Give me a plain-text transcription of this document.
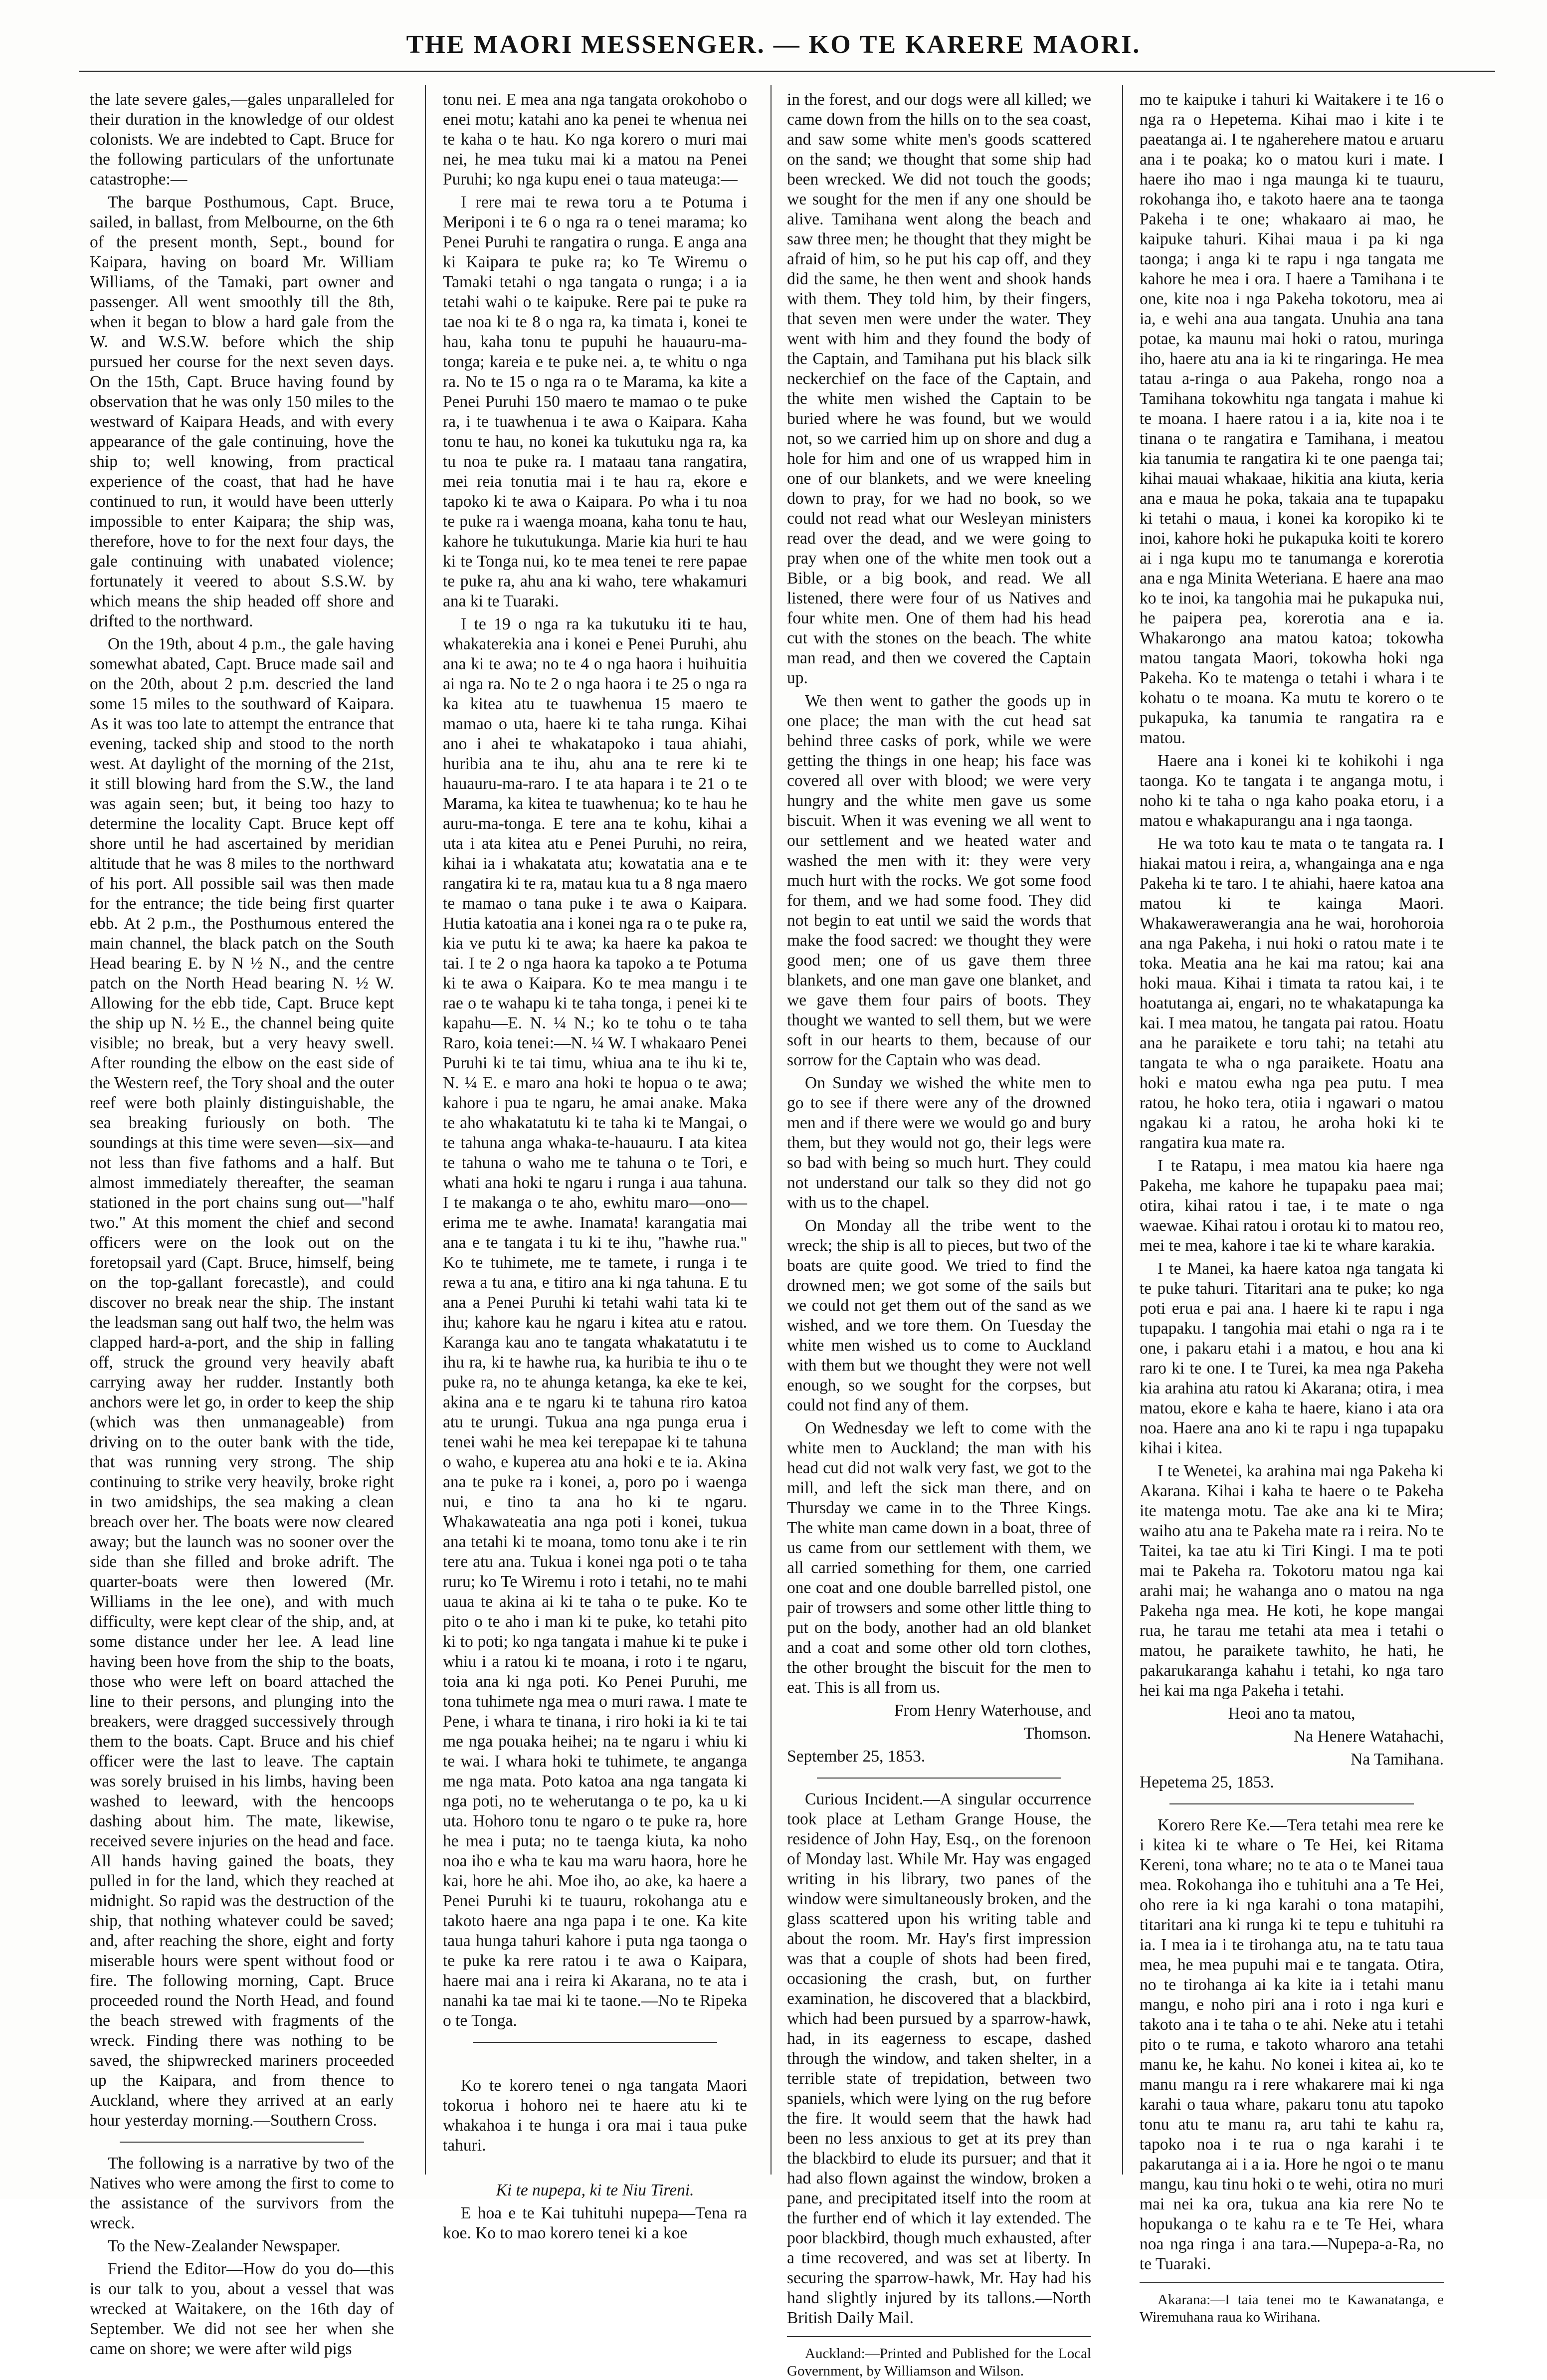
THE MAORI MESSENGER. — KO TE KARERE MAORI.

the late severe gales,—gales unparalleled for their duration in the knowledge of our oldest colonists. We are indebted to Capt. Bruce for the following particulars of the unfortunate catastrophe:—

The barque Posthumous, Capt. Bruce, sailed, in ballast, from Melbourne, on the 6th of the present month, Sept., bound for Kaipara, having on board Mr. William Williams, of the Tamaki, part owner and passenger. All went smoothly till the 8th, when it began to blow a hard gale from the W. and W.S.W. before which the ship pursued her course for the next seven days. On the 15th, Capt. Bruce having found by observation that he was only 150 miles to the westward of Kaipara Heads, and with every appearance of the gale continuing, hove the ship to; well knowing, from practical experience of the coast, that had he have continued to run, it would have been utterly impossible to enter Kaipara; the ship was, therefore, hove to for the next four days, the gale continuing with unabated violence; fortunately it veered to about S.S.W. by which means the ship headed off shore and drifted to the northward.

On the 19th, about 4 p.m., the gale having somewhat abated, Capt. Bruce made sail and on the 20th, about 2 p.m. descried the land some 15 miles to the southward of Kaipara. As it was too late to attempt the entrance that evening, tacked ship and stood to the north west. At daylight of the morning of the 21st, it still blowing hard from the S.W., the land was again seen; but, it being too hazy to determine the locality Capt. Bruce kept off shore until he had ascertained by meridian altitude that he was 8 miles to the northward of his port. All possible sail was then made for the entrance; the tide being first quarter ebb. At 2 p.m., the Posthumous entered the main channel, the black patch on the South Head bearing E. by N ½ N., and the centre patch on the North Head bearing N. ½ W. Allowing for the ebb tide, Capt. Bruce kept the ship up N. ½ E., the channel being quite visible; no break, but a very heavy swell. After rounding the elbow on the east side of the Western reef, the Tory shoal and the outer reef were both plainly distinguishable, the sea breaking furiously on both. The soundings at this time were seven—six—and not less than five fathoms and a half. But almost immediately thereafter, the seaman stationed in the port chains sung out—"half two." At this moment the chief and second officers were on the look out on the foretopsail yard (Capt. Bruce, himself, being on the top-gallant forecastle), and could discover no break near the ship. The instant the leadsman sang out half two, the helm was clapped hard-a-port, and the ship in falling off, struck the ground very heavily abaft carrying away her rudder. Instantly both anchors were let go, in order to keep the ship (which was then unmanageable) from driving on to the outer bank with the tide, that was running very strong. The ship continuing to strike very heavily, broke right in two amidships, the sea making a clean breach over her. The boats were now cleared away; but the launch was no sooner over the side than she filled and broke adrift. The quarter-boats were then lowered (Mr. Williams in the lee one), and with much difficulty, were kept clear of the ship, and, at some distance under her lee. A lead line having been hove from the ship to the boats, those who were left on board attached the line to their persons, and plunging into the breakers, were dragged successively through them to the boats. Capt. Bruce and his chief officer were the last to leave. The captain was sorely bruised in his limbs, having been washed to leeward, with the hencoops dashing about him. The mate, likewise, received severe injuries on the head and face. All hands having gained the boats, they pulled in for the land, which they reached at midnight. So rapid was the destruction of the ship, that nothing whatever could be saved; and, after reaching the shore, eight and forty miserable hours were spent without food or fire. The following morning, Capt. Bruce proceeded round the North Head, and found the beach strewed with fragments of the wreck. Finding there was nothing to be saved, the shipwrecked mariners proceeded up the Kaipara, and from thence to Auckland, where they arrived at an early hour yesterday morning.—Southern Cross.

The following is a narrative by two of the Natives who were among the first to come to the assistance of the survivors from the wreck.

To the New-Zealander Newspaper.

Friend the Editor—How do you do—this is our talk to you, about a vessel that was wrecked at Waitakere, on the 16th day of September. We did not see her when she came on shore; we were after wild pigs

tonu nei. E mea ana nga tangata orokohobo o enei motu; katahi ano ka penei te whenua nei te kaha o te hau. Ko nga korero o muri mai nei, he mea tuku mai ki a matou na Penei Puruhi; ko nga kupu enei o taua mateuga:—

I rere mai te rewa toru a te Potuma i Meriponi i te 6 o nga ra o tenei marama; ko Penei Puruhi te rangatira o runga. E anga ana ki Kaipara te puke ra; ko Te Wiremu o Tamaki tetahi o nga tangata o runga; i a ia tetahi wahi o te kaipuke. Rere pai te puke ra tae noa ki te 8 o nga ra, ka timata i, konei te hau, kaha tonu te pupuhi he hauauru-ma-tonga; kareia e te puke nei. a, te whitu o nga ra. No te 15 o nga ra o te Marama, ka kite a Penei Puruhi 150 maero te mamao o te puke ra, i te tuawhenua i te awa o Kaipara. Kaha tonu te hau, no konei ka tukutuku nga ra, ka tu noa te puke ra. I mataau tana rangatira, mei reia tonutia mai i te hau ra, ekore e tapoko ki te awa o Kaipara. Po wha i tu noa te puke ra i waenga moana, kaha tonu te hau, kahore he tukutukunga. Marie kia huri te hau ki te Tonga nui, ko te mea tenei te rere papae te puke ra, ahu ana ki waho, tere whakamuri ana ki te Tuaraki.

I te 19 o nga ra ka tukutuku iti te hau, whakaterekia ana i konei e Penei Puruhi, ahu ana ki te awa; no te 4 o nga haora i huihuitia ai nga ra. No te 2 o nga haora i te 25 o nga ra ka kitea atu te tuawhenua 15 maero te mamao o uta, haere ki te taha runga. Kihai ano i ahei te whakatapoko i taua ahiahi, huribia ana te ihu, ahu ana te rere ki te hauauru-ma-raro. I te ata hapara i te 21 o te Marama, ka kitea te tuawhenua; ko te hau he auru-ma-tonga. E tere ana te kohu, kihai a uta i ata kitea atu e Penei Puruhi, no reira, kihai ia i whakatata atu; kowatatia ana e te rangatira ki te ra, matau kua tu a 8 nga maero te mamao o tana puke i te awa o Kaipara. Hutia katoatia ana i konei nga ra o te puke ra, kia ve putu ki te awa; ka haere ka pakoa te tai. I te 2 o nga haora ka tapoko a te Potuma ki te awa o Kaipara. Ko te mea mangu i te rae o te wahapu ki te taha tonga, i penei ki te kapahu—E. N. ¼ N.; ko te tohu o te taha Raro, koia tenei:—N. ¼ W. I whakaaro Penei Puruhi ki te tai timu, whiua ana te ihu ki te, N. ¼ E. e maro ana hoki te hopua o te awa; kahore i pua te ngaru, he amai anake. Maka te aho whakatatutu ki te taha ki te Mangai, o te tahuna anga whaka-te-hauauru. I ata kitea te tahuna o waho me te tahuna o te Tori, e whati ana hoki te ngaru i runga i aua tahuna. I te makanga o te aho, ewhitu maro—ono—erima me te awhe. Inamata! karangatia mai ana e te tangata i tu ki te ihu, "hawhe rua." Ko te tuhimete, me te tamete, i runga i te rewa a tu ana, e titiro ana ki nga tahuna. E tu ana a Penei Puruhi ki tetahi wahi tata ki te ihu; kahore kau he ngaru i kitea atu e ratou. Karanga kau ano te tangata whakatatutu i te ihu ra, ki te hawhe rua, ka huribia te ihu o te puke ra, no te ahunga ketanga, ka eke te kei, akina ana e te ngaru ki te tahuna riro katoa atu te urungi. Tukua ana nga punga erua i tenei wahi he mea kei terepapae ki te tahuna o waho, e kuperea atu ana hoki e te ia. Akina ana te puke ra i konei, a, poro po i waenga nui, e tino ta ana ho ki te ngaru. Whakawateatia ana nga poti i konei, tukua ana tetahi ki te moana, tomo tonu ake i te rin tere atu ana. Tukua i konei nga poti o te taha ruru; ko Te Wiremu i roto i tetahi, no te mahi uaua te akina ai ki te taha o te puke. Ko te pito o te aho i man ki te puke, ko tetahi pito ki to poti; ko nga tangata i mahue ki te puke i whiu i a ratou ki te moana, i roto i te ngaru, toia ana ki nga poti. Ko Penei Puruhi, me tona tuhimete nga mea o muri rawa. I mate te Pene, i whara te tinana, i riro hoki ia ki te tai me nga pouaka heihei; na te ngaru i whiu ki te wai. I whara hoki te tuhimete, te anganga me nga mata. Poto katoa ana nga tangata ki nga poti, no te weherutanga o te po, ka u ki uta. Hohoro tonu te ngaro o te puke ra, hore he mea i puta; no te taenga kiuta, ka noho noa iho e wha te kau ma waru haora, hore he kai, hore he ahi. Moe iho, ao ake, ka haere a Penei Puruhi ki te tuauru, rokohanga atu e takoto haere ana nga papa i te one. Ka kite taua hunga tahuri kahore i puta nga taonga o te puke ka rere ratou i te awa o Kaipara, haere mai ana i reira ki Akarana, no te ata i nanahi ka tae mai ki te taone.—No te Ripeka o te Tonga.

Ko te korero tenei o nga tangata Maori tokorua i hohoro nei te haere atu ki te whakahoa i te hunga i ora mai i taua puke tahuri.

Ki te nupepa, ki te Niu Tireni.

E hoa e te Kai tuhituhi nupepa—Tena ra koe. Ko to mao korero tenei ki a koe

in the forest, and our dogs were all killed; we came down from the hills on to the sea coast, and saw some white men's goods scattered on the sand; we thought that some ship had been wrecked. We did not touch the goods; we sought for the men if any one should be alive. Tamihana went along the beach and saw three men; he thought that they might be afraid of him, so he put his cap off, and they did the same, he then went and shook hands with them. They told him, by their fingers, that seven men were under the water. They went with him and they found the body of the Captain, and Tamihana put his black silk neckerchief on the face of the Captain, and the white men wished the Captain to be buried where he was found, but we would not, so we carried him up on shore and dug a hole for him and one of us wrapped him in one of our blankets, and we were kneeling down to pray, for we had no book, so we could not read what our Wesleyan ministers read over the dead, and we were going to pray when one of the white men took out a Bible, or a big book, and read. We all listened, there were four of us Natives and four white men. One of them had his head cut with the stones on the beach. The white man read, and then we covered the Captain up.

We then went to gather the goods up in one place; the man with the cut head sat behind three casks of pork, while we were getting the things in one heap; his face was covered all over with blood; we were very hungry and the white men gave us some biscuit. When it was evening we all went to our settlement and we heated water and washed the men with it: they were very much hurt with the rocks. We got some food for them, and we had some food. They did not begin to eat until we said the words that make the food sacred: we thought they were good men; one of us gave them three blankets, and one man gave one blanket, and we gave them four pairs of boots. They thought we wanted to sell them, but we were soft in our hearts to them, because of our sorrow for the Captain who was dead.

On Sunday we wished the white men to go to see if there were any of the drowned men and if there were we would go and bury them, but they would not go, their legs were so bad with being so much hurt. They could not understand our talk so they did not go with us to the chapel.

On Monday all the tribe went to the wreck; the ship is all to pieces, but two of the boats are quite good. We tried to find the drowned men; we got some of the sails but we could not get them out of the sand as we wished, and we tore them. On Tuesday the white men wished us to come to Auckland with them but we thought they were not well enough, so we sought for the corpses, but could not find any of them.

On Wednesday we left to come with the white men to Auckland; the man with his head cut did not walk very fast, we got to the mill, and left the sick man there, and on Thursday we came in to the Three Kings. The white man came down in a boat, three of us came from our settlement with them, we all carried something for them, one carried one coat and one double barrelled pistol, one pair of trowsers and some other little thing to put on the body, another had an old blanket and a coat and some other old torn clothes, the other brought the biscuit for the men to eat. This is all from us.

From Henry Waterhouse, and

Thomson.

September 25, 1853.

Curious Incident.—A singular occurrence took place at Letham Grange House, the residence of John Hay, Esq., on the forenoon of Monday last. While Mr. Hay was engaged writing in his library, two panes of the window were simultaneously broken, and the glass scattered upon his writing table and about the room. Mr. Hay's first impression was that a couple of shots had been fired, occasioning the crash, but, on further examination, he discovered that a blackbird, which had been pursued by a sparrow-hawk, had, in its eagerness to escape, dashed through the window, and taken shelter, in a terrible state of trepidation, between two spaniels, which were lying on the rug before the fire. It would seem that the hawk had been no less anxious to get at its prey than the blackbird to elude its pursuer; and that it had also flown against the window, broken a pane, and precipitated itself into the room at the further end of which it lay extended. The poor blackbird, though much exhausted, after a time recovered, and was set at liberty. In securing the sparrow-hawk, Mr. Hay had his hand slightly injured by its tallons.—North British Daily Mail.

Auckland:—Printed and Published for the Local Government, by Williamson and Wilson.

mo te kaipuke i tahuri ki Waitakere i te 16 o nga ra o Hepetema. Kihai mao i kite i te paeatanga ai. I te ngaherehere matou e aruaru ana i te poaka; ko o matou kuri i mate. I haere iho mao i nga maunga ki te tuauru, rokohanga iho, e takoto haere ana te taonga Pakeha i te one; whakaaro ai mao, he kaipuke tahuri. Kihai maua i pa ki nga taonga; i anga ki te rapu i nga tangata me kahore he mea i ora. I haere a Tamihana i te one, kite noa i nga Pakeha tokotoru, mea ai ia, e wehi ana aua tangata. Unuhia ana tana potae, ka maunu mai hoki o ratou, muringa iho, haere atu ana ia ki te ringaringa. He mea tatau a-ringa o aua Pakeha, rongo noa a Tamihana tokowhitu nga tangata i mahue ki te moana. I haere ratou i a ia, kite noa i te tinana o te rangatira e Tamihana, i meatou kia tanumia te rangatira ki te one paenga tai; kihai mauai whakaae, hikitia ana kiuta, keria ana e maua he poka, takaia ana te tupapaku ki tetahi o maua, i konei ka koropiko ki te inoi, kahore hoki he pukapuka koiti te korero ai i nga kupu mo te tanumanga e korerotia ana e nga Minita Weteriana. E haere ana mao ko te inoi, ka tangohia mai he pukapuka nui, he paipera pea, korerotia ana e ia. Whakarongo ana matou katoa; tokowha matou tangata Maori, tokowha hoki nga Pakeha. Ko te matenga o tetahi i whara i te kohatu o te moana. Ka mutu te korero o te pukapuka, ka tanumia te rangatira ra e matou.

Haere ana i konei ki te kohikohi i nga taonga. Ko te tangata i te anganga motu, i noho ki te taha o nga kaho poaka etoru, i a matou e whakapurangu ana i nga taonga.

He wa toto kau te mata o te tangata ra. I hiakai matou i reira, a, whangainga ana e nga Pakeha ki te taro. I te ahiahi, haere katoa ana matou ki te kainga Maori. Whakawerawerangia ana he wai, horohoroia ana nga Pakeha, i nui hoki o ratou mate i te toka. Meatia ana he kai ma ratou; kai ana hoki maua. Kihai i timata ta ratou kai, i te hoatutanga ai, engari, no te whakatapunga ka kai. I mea matou, he tangata pai ratou. Hoatu ana he paraikete e toru tahi; na tetahi atu tangata te wha o nga paraikete. Hoatu ana hoki e matou ewha nga pea putu. I mea ratou, he hoko tera, otiia i ngawari o matou ngakau ki a ratou, he aroha hoki ki te rangatira kua mate ra.

I te Ratapu, i mea matou kia haere nga Pakeha, me kahore he tupapaku paea mai; otira, kihai ratou i tae, i te mate o nga waewae. Kihai ratou i orotau ki to matou reo, mei te mea, kahore i tae ki te whare karakia.

I te Manei, ka haere katoa nga tangata ki te puke tahuri. Titaritari ana te puke; ko nga poti erua e pai ana. I haere ki te rapu i nga tupapaku. I tangohia mai etahi o nga ra i te one, i pakaru etahi i a matou, e hou ana ki raro ki te one. I te Turei, ka mea nga Pakeha kia arahina atu ratou ki Akarana; otira, i mea matou, ekore e kaha te haere, kiano i ata ora noa. Haere ana ano ki te rapu i nga tupapaku kihai i kitea.

I te Wenetei, ka arahina mai nga Pakeha ki Akarana. Kihai i kaha te haere o te Pakeha ite matenga motu. Tae ake ana ki te Mira; waiho atu ana te Pakeha mate ra i reira. No te Taitei, ka tae atu ki Tiri Kingi. I ma te poti mai te Pakeha ra. Tokotoru matou nga kai arahi mai; he wahanga ano o matou na nga Pakeha nga mea. He koti, he kope mangai rua, he tarau me tetahi ata mea i tetahi o matou, he paraikete tawhito, he hati, he pakarukaranga kahahu i tetahi, ko nga taro hei kai ma nga Pakeha i tetahi.

Heoi ano ta matou,

Na Henere Watahachi,

Na Tamihana.

Hepetema 25, 1853.

Korero Rere Ke.—Tera tetahi mea rere ke i kitea ki te whare o Te Hei, kei Ritama Kereni, tona whare; no te ata o te Manei taua mea. Rokohanga iho e tuhituhi ana a Te Hei, oho rere ia ki nga karahi o tona matapihi, titaritari ana ki runga ki te tepu e tuhituhi ra ia. I mea ia i te tirohanga atu, na te tatu taua mea, he mea pupuhi mai e te tangata. Otira, no te tirohanga ai ka kite ia i tetahi manu mangu, e noho piri ana i roto i nga kuri e takoto ana i te taha o te ahi. Neke atu i tetahi pito o te ruma, e takoto wharoro ana tetahi manu ke, he kahu. No konei i kitea ai, ko te manu mangu ra i rere whakarere mai ki nga karahi o taua whare, pakaru tonu atu tapoko tonu atu te manu ra, aru tahi te kahu ra, tapoko noa i te rua o nga karahi i te pakarutanga ai i a ia. Hore he ngoi o te manu mangu, kau tinu hoki o te wehi, otira no muri mai nei ka ora, tukua ana kia rere No te hopukanga o te kahu ra e te Te Hei, whara noa nga ringa i ana tara.—Nupepa-a-Ra, no te Tuaraki.

Akarana:—I taia tenei mo te Kawanatanga, e Wiremuhana raua ko Wirihana.
